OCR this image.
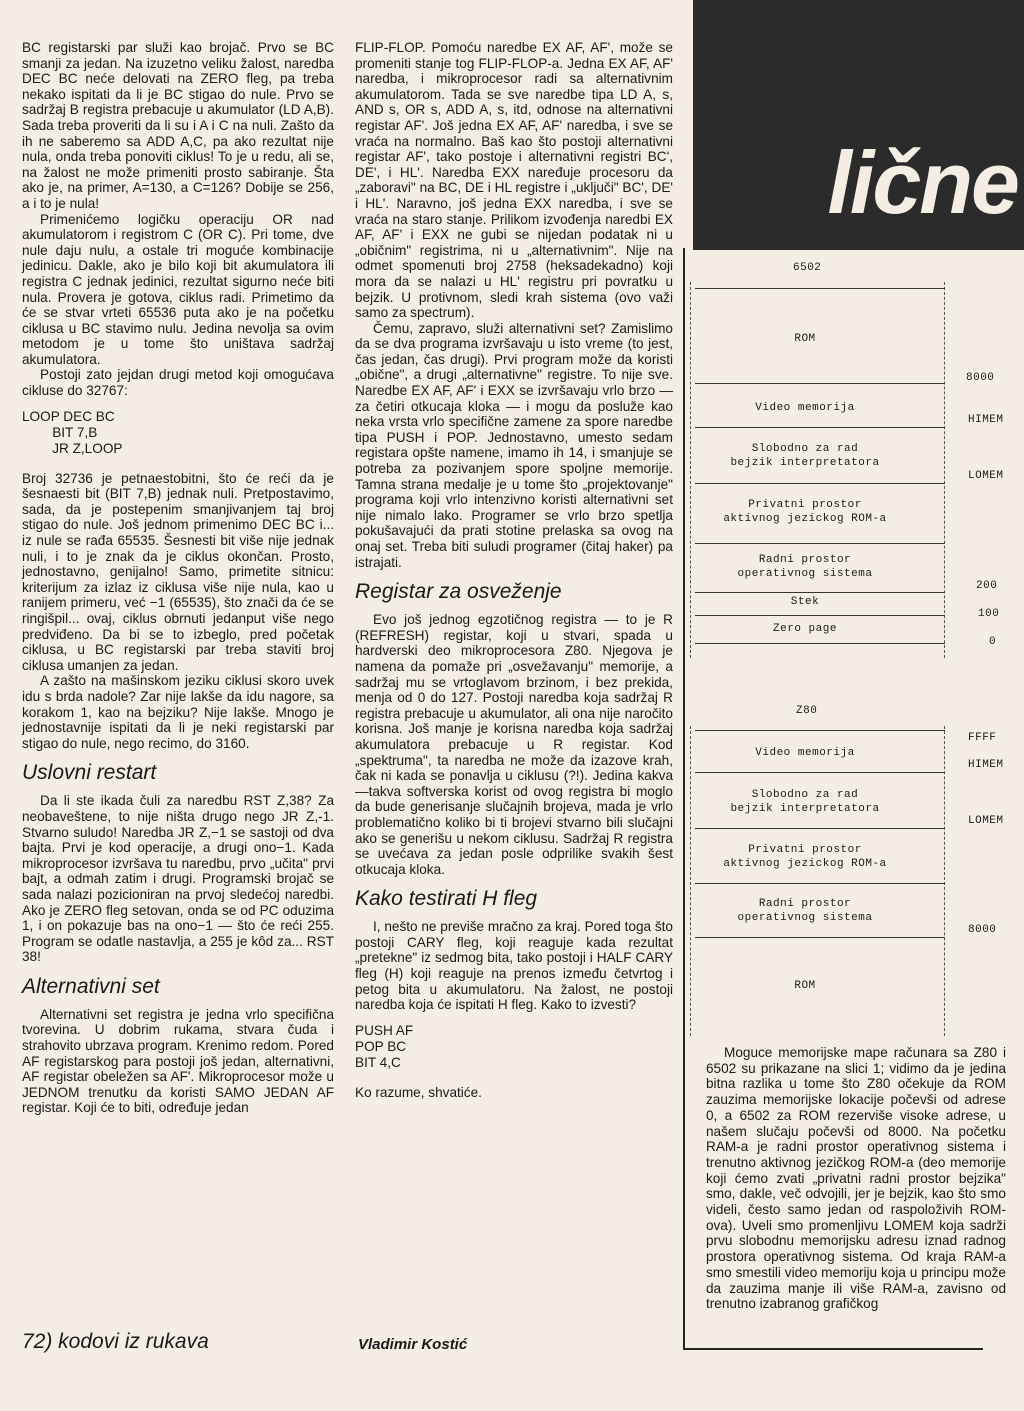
BC registarski par služi kao brojač. Prvo se BC smanji za jedan. Na izuzetno veliku žalost, naredba DEC BC neće delovati na ZERO fleg, pa treba nekako ispitati da li je BC stigao do nule. Prvo se sadržaj B registra prebacuje u akumulator (LD A,B). Sada treba proveriti da li su i A i C na nuli. Zašto da ih ne saberemo sa ADD A,C, pa ako rezultat nije nula, onda treba ponoviti ciklus! To je u redu, ali se, na žalost ne može primeniti prosto sabiranje. Šta ako je, na primer, A=130, a C=126? Dobije se 256, a i to je nula!

Primenićemo logičku operaciju OR nad akumulatorom i registrom C (OR C). Pri tome, dve nule daju nulu, a ostale tri moguće kombinacije jedinicu. Dakle, ako je bilo koji bit akumulatora ili registra C jednak jedinici, rezultat sigurno neće biti nula. Provera je gotova, ciklus radi. Primetimo da će se stvar vrteti 65536 puta ako je na početku ciklusa u BC stavimo nulu. Jedina nevolja sa ovim metodom je u tome što uništava sadržaj akumulatora.

Postoji zato jejdan drugi metod koji omogućava cikluse do 32767:

LOOP DEC BC
BIT 7,B
JR Z,LOOP

Broj 32736 je petnaestobitni, što će reći da je šesnaesti bit (BIT 7,B) jednak nuli. Pretpostavimo, sada, da je postepenim smanjivanjem taj broj stigao do nule. Još jednom primenimo DEC BC i... iz nule se rađa 65535. Šesnesti bit više nije jednak nuli, i to je znak da je ciklus okončan. Prosto, jednostavno, genijalno! Samo, primetite sitnicu: kriterijum za izlaz iz ciklusa više nije nula, kao u ranijem primeru, već −1 (65535), što znači da će se ringišpil... ovaj, ciklus obrnuti jedanput više nego predviđeno. Da bi se to izbeglo, pred početak ciklusa, u BC registarski par treba staviti broj ciklusa umanjen za jedan.

A zašto na mašinskom jeziku ciklusi skoro uvek idu s brda nadole? Zar nije lakše da idu nagore, sa korakom 1, kao na bejziku? Nije lakše. Mnogo je jednostavnije ispitati da li je neki registarski par stigao do nule, nego recimo, do 3160.

Uslovni restart

Da li ste ikada čuli za naredbu RST Z,38? Za neobaveštene, to nije ništa drugo nego JR Z,-1. Stvarno suludo! Naredba JR Z,−1 se sastoji od dva bajta. Prvi je kod operacije, a drugi ono−1. Kada mikroprocesor izvršava tu naredbu, prvo „učita" prvi bajt, a odmah zatim i drugi. Programski brojač se sada nalazi pozicioniran na prvoj sledećoj naredbi. Ako je ZERO fleg setovan, onda se od PC oduzima 1, i on pokazuje bas na ono−1 — što će reći 255. Program se odatle nastavlja, a 255 je kôd za... RST 38!

Alternativni set

Alternativni set registra je jedna vrlo specifična tvorevina. U dobrim rukama, stvara čuda i strahovito ubrzava program. Krenimo redom. Pored AF registarskog para postoji još jedan, alternativni, AF registar obeležen sa AF'. Mikroprocesor može u JEDNOM trenutku da koristi SAMO JEDAN AF registar. Koji će to biti, određuje jedan

FLIP-FLOP. Pomoću naredbe EX AF, AF', može se promeniti stanje tog FLIP-FLOP-a. Jedna EX AF, AF' naredba, i mikroprocesor radi sa alternativnim akumulatorom. Tada se sve naredbe tipa LD A, s, AND s, OR s, ADD A, s, itd, odnose na alternativni registar AF'. Još jedna EX AF, AF' naredba, i sve se vraća na normalno. Baš kao što postoji alternativni registar AF', tako postoje i alternativni registri BC', DE', i HL'. Naredba EXX naređuje procesoru da „zaboravi" na BC, DE i HL registre i „uključi" BC', DE' i HL'. Naravno, još jedna EXX naredba, i sve se vraća na staro stanje. Prilikom izvođenja naredbi EX AF, AF' i EXX ne gubi se nijedan podatak ni u „običnim" registrima, ni u „alternativnim". Nije na odmet spomenuti broj 2758 (heksadekadno) koji mora da se nalazi u HL' registru pri povratku u bejzik. U protivnom, sledi krah sistema (ovo važi samo za spectrum).

Čemu, zapravo, služi alternativni set? Zamislimo da se dva programa izvršavaju u isto vreme (to jest, čas jedan, čas drugi). Prvi program može da koristi „obične", a drugi „alternativne" registre. To nije sve. Naredbe EX AF, AF' i EXX se izvršavaju vrlo brzo — za četiri otkucaja kloka — i mogu da posluže kao neka vrsta vrlo specifične zamene za spore naredbe tipa PUSH i POP. Jednostavno, umesto sedam registara opšte namene, imamo ih 14, i smanjuje se potreba za pozivanjem spore spoljne memorije. Tamna strana medalje je u tome što „projektovanje" programa koji vrlo intenzivno koristi alternativni set nije nimalo lako. Programer se vrlo brzo spetlja pokušavajući da prati stotine prelaska sa ovog na onaj set. Treba biti suludi programer (čitaj haker) pa istrajati.

Registar za osveženje

Evo još jednog egzotičnog registra — to je R (REFRESH) registar, koji u stvari, spada u hardverski deo mikroprocesora Z80. Njegova je namena da pomaže pri „osvežavanju" memorije, a sadržaj mu se vrtoglavom brzinom, i bez prekida, menja od 0 do 127. Postoji naredba koja sadržaj R registra prebacuje u akumulator, ali ona nije naročito korisna. Još manje je korisna naredba koja sadržaj akumulatora prebacuje u R registar. Kod „spektruma", ta naredba ne može da izazove krah, čak ni kada se ponavlja u ciklusu (?!). Jedina kakva—takva softverska korist od ovog registra bi moglo da bude generisanje slučajnih brojeva, mada je vrlo problematično koliko bi ti brojevi stvarno bili slučajni ako se generišu u nekom ciklusu. Sadržaj R registra se uvećava za jedan posle odprilike svakih šest otkucaja kloka.

Kako testirati H fleg

I, nešto ne previše mračno za kraj. Pored toga što postoji CARY fleg, koji reaguje kada rezultat „pretekne" iz sedmog bita, tako postoji i HALF CARY fleg (H) koji reaguje na prenos između četvrtog i petog bita u akumulatoru. Na žalost, ne postoji naredba koja će ispitati H fleg. Kako to izvesti?

PUSH AF
POP BC
BIT 4,C

Ko razume, shvatiće.

72) kodovi iz rukava	Vladimir Kostić
lične
6502
ROM
Video memorija
Slobodno za rad
bejzik interpretatora
Privatni prostor
aktivnog jezickog ROM-a
Radni prostor
operativnog sistema
Stek
Zero page
8000
HIMEM
LOMEM
200
100
0
Z80
Video memorija
Slobodno za rad
bejzik interpretatora
Privatni prostor
aktivnog jezickog ROM-a
Radni prostor
operativnog sistema
ROM
FFFF
HIMEM
LOMEM
8000

Moguce memorijske mape računara sa Z80 i 6502 su prikazane na slici 1; vidimo da je jedina bitna razlika u tome što Z80 očekuje da ROM zauzima memorijske lokacije počevši od adrese 0, a 6502 za ROM rezerviše visoke adrese, u našem slučaju počevši od 8000. Na početku RAM-a je radni prostor operativnog sistema i trenutno aktivnog jezičkog ROM-a (deo memorije koji ćemo zvati „privatni radni prostor bejzika" smo, dakle, več odvojili, jer je bejzik, kao što smo videli, često samo jedan od raspoloživih ROM-ova). Uveli smo promenljivu LOMEM koja sadrži prvu slobodnu memorijsku adresu iznad radnog prostora operativnog sistema. Od kraja RAM-a smo smestili video memoriju koja u principu može da zauzima manje ili više RAM-a, zavisno od trenutno izabranog grafičkog
